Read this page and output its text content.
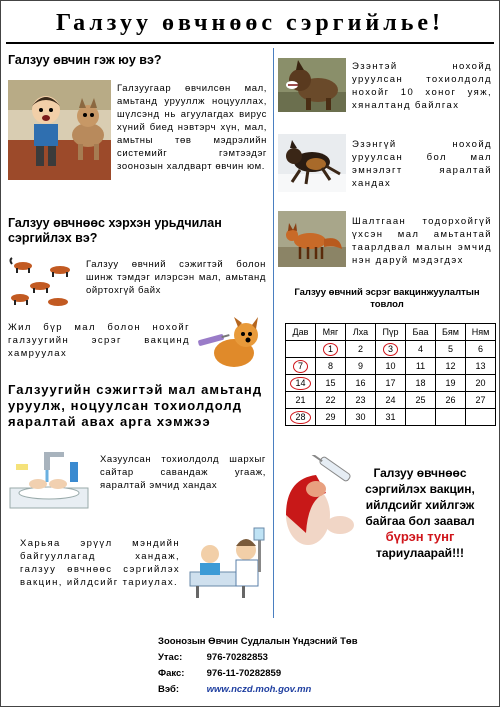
Галзуу өвчнөөс сэргийлье!
Галзуу өвчин гэж юу вэ?
Галзуугаар өвчилсөн мал, амьтанд урууллж ноцууллах, шүлсэнд нь агуулагдах вирус хүний биед нэвтэрч хүн, мал, амьтны төв мэдрэлийн системийг гэмтээдэг зоонозын халдварт өвчин юм.
Галзуу өвчнөөс хэрхэн урьдчилан сэргийлэх вэ?
Галзуу өвчний сэжигтэй болон шинж тэмдэг илэрсэн мал, амьтанд ойртохгүй байх
Жил бүр мал болон нохойг галзуугийн эсрэг вакцинд хамруулах
Галзуугийн сэжигтэй мал амьтанд уруулж, ноцуулсан тохиолдолд яаралтай авах арга хэмжээ
Хазуулсан тохиолдолд шархыг сайтар савандаж угааж, яаралтай эмчид хандах
Харьяа эрүүл мэндийн байгууллагад хандаж, галзуу өвчнөөс сэргийлэх вакцин, ийлдсийг тариулах.
Эзэнтэй нохойд уруулсан тохиолдолд нохойг 10 хоног уяж, хяналтанд байлгах
Эзэнгүй нохойд уруулсан бол мал эмнэлэгт яаралтай хандах
Шалтгаан тодорхойгүй үхсэн мал амьтантай таарлдвал малын эмчид нэн даруй мэдэгдэх
Галзуу өвчний эсрэг вакцинжуулалтын товлол
Дав	Мяг	Лха	Пүр	Баа	Бям	Ням
	1	2	3	4	5	6
7	8	9	10	11	12	13
14	15	16	17	18	19	20
21	22	23	24	25	26	27
28	29	30	31			
Галзуу өвчнөөс
сэргийлэх вакцин,
ийлдсийг хийлгэж
байгаа бол заавал
бүрэн тунг
тариулаарай!!!
Зоонозын Өвчин Судлалын Үндэсний Төв
Утас:	976-70282853
Факс: 976-11-70282859
Вэб:	www.nczd.moh.gov.mn
